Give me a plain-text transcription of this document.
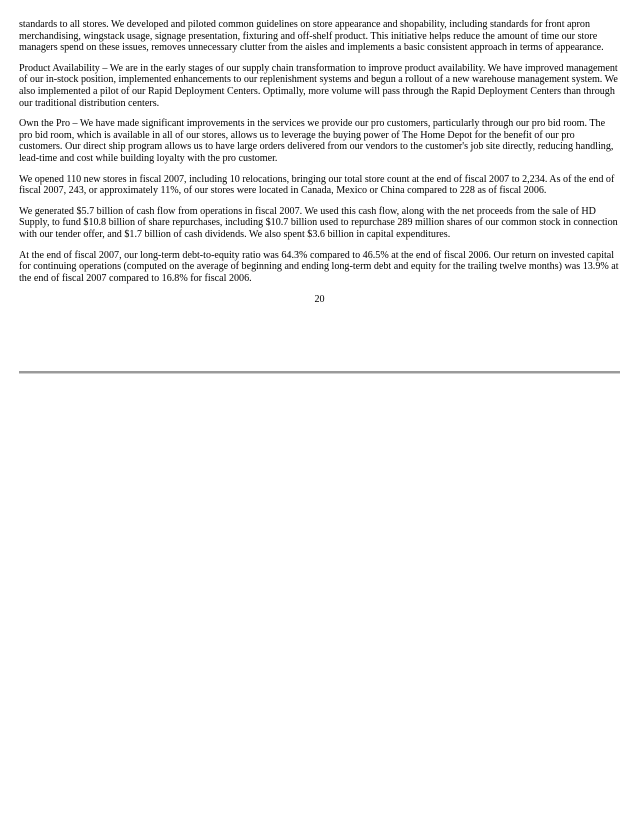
standards to all stores. We developed and piloted common guidelines on store appearance and shopability, including standards for front apron merchandising, wingstack usage, signage presentation, fixturing and off-shelf product. This initiative helps reduce the amount of time our store managers spend on these issues, removes unnecessary clutter from the aisles and implements a basic consistent approach in terms of appearance.

Product Availability – We are in the early stages of our supply chain transformation to improve product availability. We have improved management of our in-stock position, implemented enhancements to our replenishment systems and begun a rollout of a new warehouse management system. We also implemented a pilot of our Rapid Deployment Centers. Optimally, more volume will pass through the Rapid Deployment Centers than through our traditional distribution centers.

Own the Pro – We have made significant improvements in the services we provide our pro customers, particularly through our pro bid room. The pro bid room, which is available in all of our stores, allows us to leverage the buying power of The Home Depot for the benefit of our pro customers. Our direct ship program allows us to have large orders delivered from our vendors to the customer's job site directly, reducing handling, lead-time and cost while building loyalty with the pro customer.

We opened 110 new stores in fiscal 2007, including 10 relocations, bringing our total store count at the end of fiscal 2007 to 2,234. As of the end of fiscal 2007, 243, or approximately 11%, of our stores were located in Canada, Mexico or China compared to 228 as of fiscal 2006.

We generated $5.7 billion of cash flow from operations in fiscal 2007. We used this cash flow, along with the net proceeds from the sale of HD Supply, to fund $10.8 billion of share repurchases, including $10.7 billion used to repurchase 289 million shares of our common stock in connection with our tender offer, and $1.7 billion of cash dividends. We also spent $3.6 billion in capital expenditures.

At the end of fiscal 2007, our long-term debt-to-equity ratio was 64.3% compared to 46.5% at the end of fiscal 2006. Our return on invested capital for continuing operations (computed on the average of beginning and ending long-term debt and equity for the trailing twelve months) was 13.9% at the end of fiscal 2007 compared to 16.8% for fiscal 2006.

20
